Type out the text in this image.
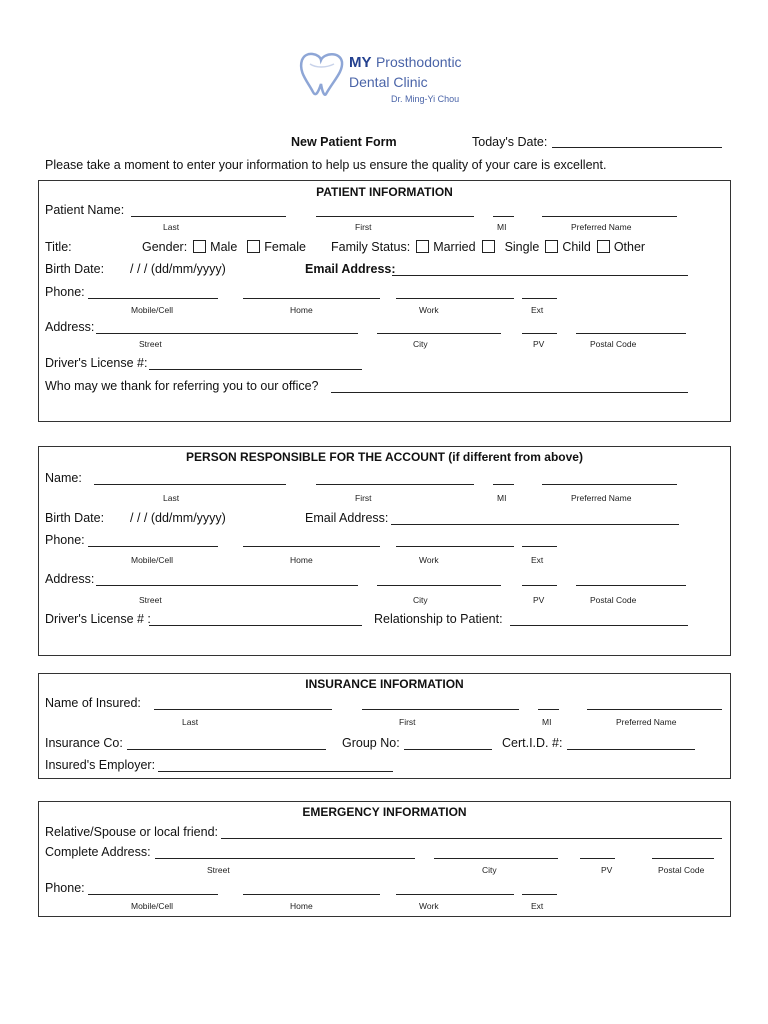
MY Prosthodontic
Dental Clinic
Dr. Ming-Yi Chou
New Patient Form	Today's Date:
Please take a moment to enter your information to help us ensure the quality of your care is excellent.
PATIENT INFORMATION
Patient Name:
Last	First	MI	Preferred Name
Title:	Gender: Male Female Family Status: Married Single Child Other
Birth Date: / / / (dd/mm/yyyy)	Email Address:
Phone:
Mobile/Cell	Home	Work	Ext
Address:
Street	City	PV	Postal Code
Driver's License #:
Who may we thank for referring you to our office?
PERSON RESPONSIBLE FOR THE ACCOUNT (if different from above)
Name:
Last	First	MI	Preferred Name
Birth Date: / / / (dd/mm/yyyy)	Email Address:
Phone:
Mobile/Cell	Home	Work	Ext
Address:
Street	City	PV	Postal Code
Driver's License # :	Relationship to Patient:
INSURANCE INFORMATION
Name of Insured:
Last	First	MI	Preferred Name
Insurance Co:	Group No:	Cert.I.D. #:
Insured's Employer:
EMERGENCY INFORMATION
Relative/Spouse or local friend:
Complete Address:
Street	City	PV	Postal Code
Phone:
Mobile/Cell	Home	Work	Ext
